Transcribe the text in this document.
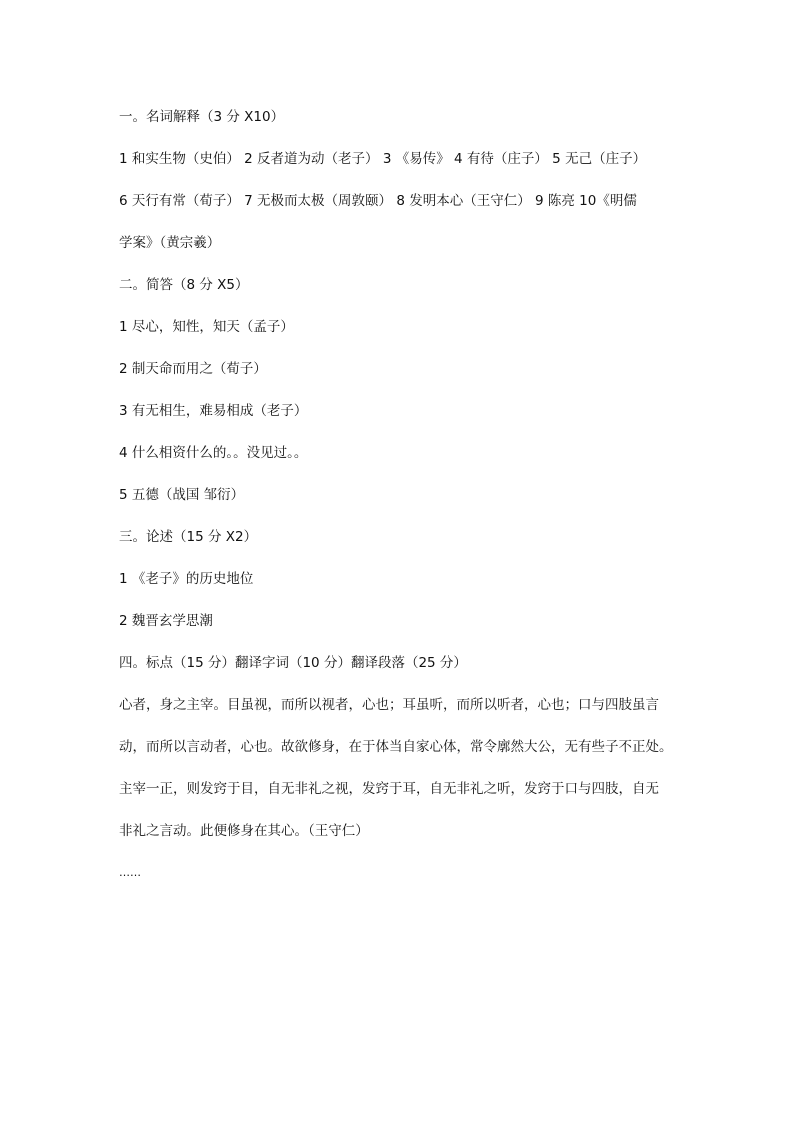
一。名词解释（3 分 X10）
1 和实生物（史伯） 2 反者道为动（老子） 3 《易传》 4 有待（庄子） 5 无己（庄子）
6 天行有常（荀子） 7 无极而太极（周敦颐） 8 发明本心（王守仁） 9 陈亮 10《明儒
学案》（黄宗羲）
二。简答（8 分 X5）
1 尽心，知性，知天（孟子）
2 制天命而用之（荀子）
3 有无相生，难易相成（老子）
4 什么相资什么的。。没见过。。
5 五德（战国 邹衍）
三。论述（15 分 X2）
1 《老子》的历史地位
2 魏晋玄学思潮
四。标点（15 分）翻译字词（10 分）翻译段落（25 分）
心者，身之主宰。目虽视，而所以视者，心也；耳虽听，而所以听者，心也；口与四肢虽言
动，而所以言动者，心也。故欲修身，在于体当自家心体，常令廓然大公，无有些子不正处。
主宰一正，则发窍于目，自无非礼之视，发窍于耳，自无非礼之听，发窍于口与四肢，自无
非礼之言动。此便修身在其心。（王守仁）
……
